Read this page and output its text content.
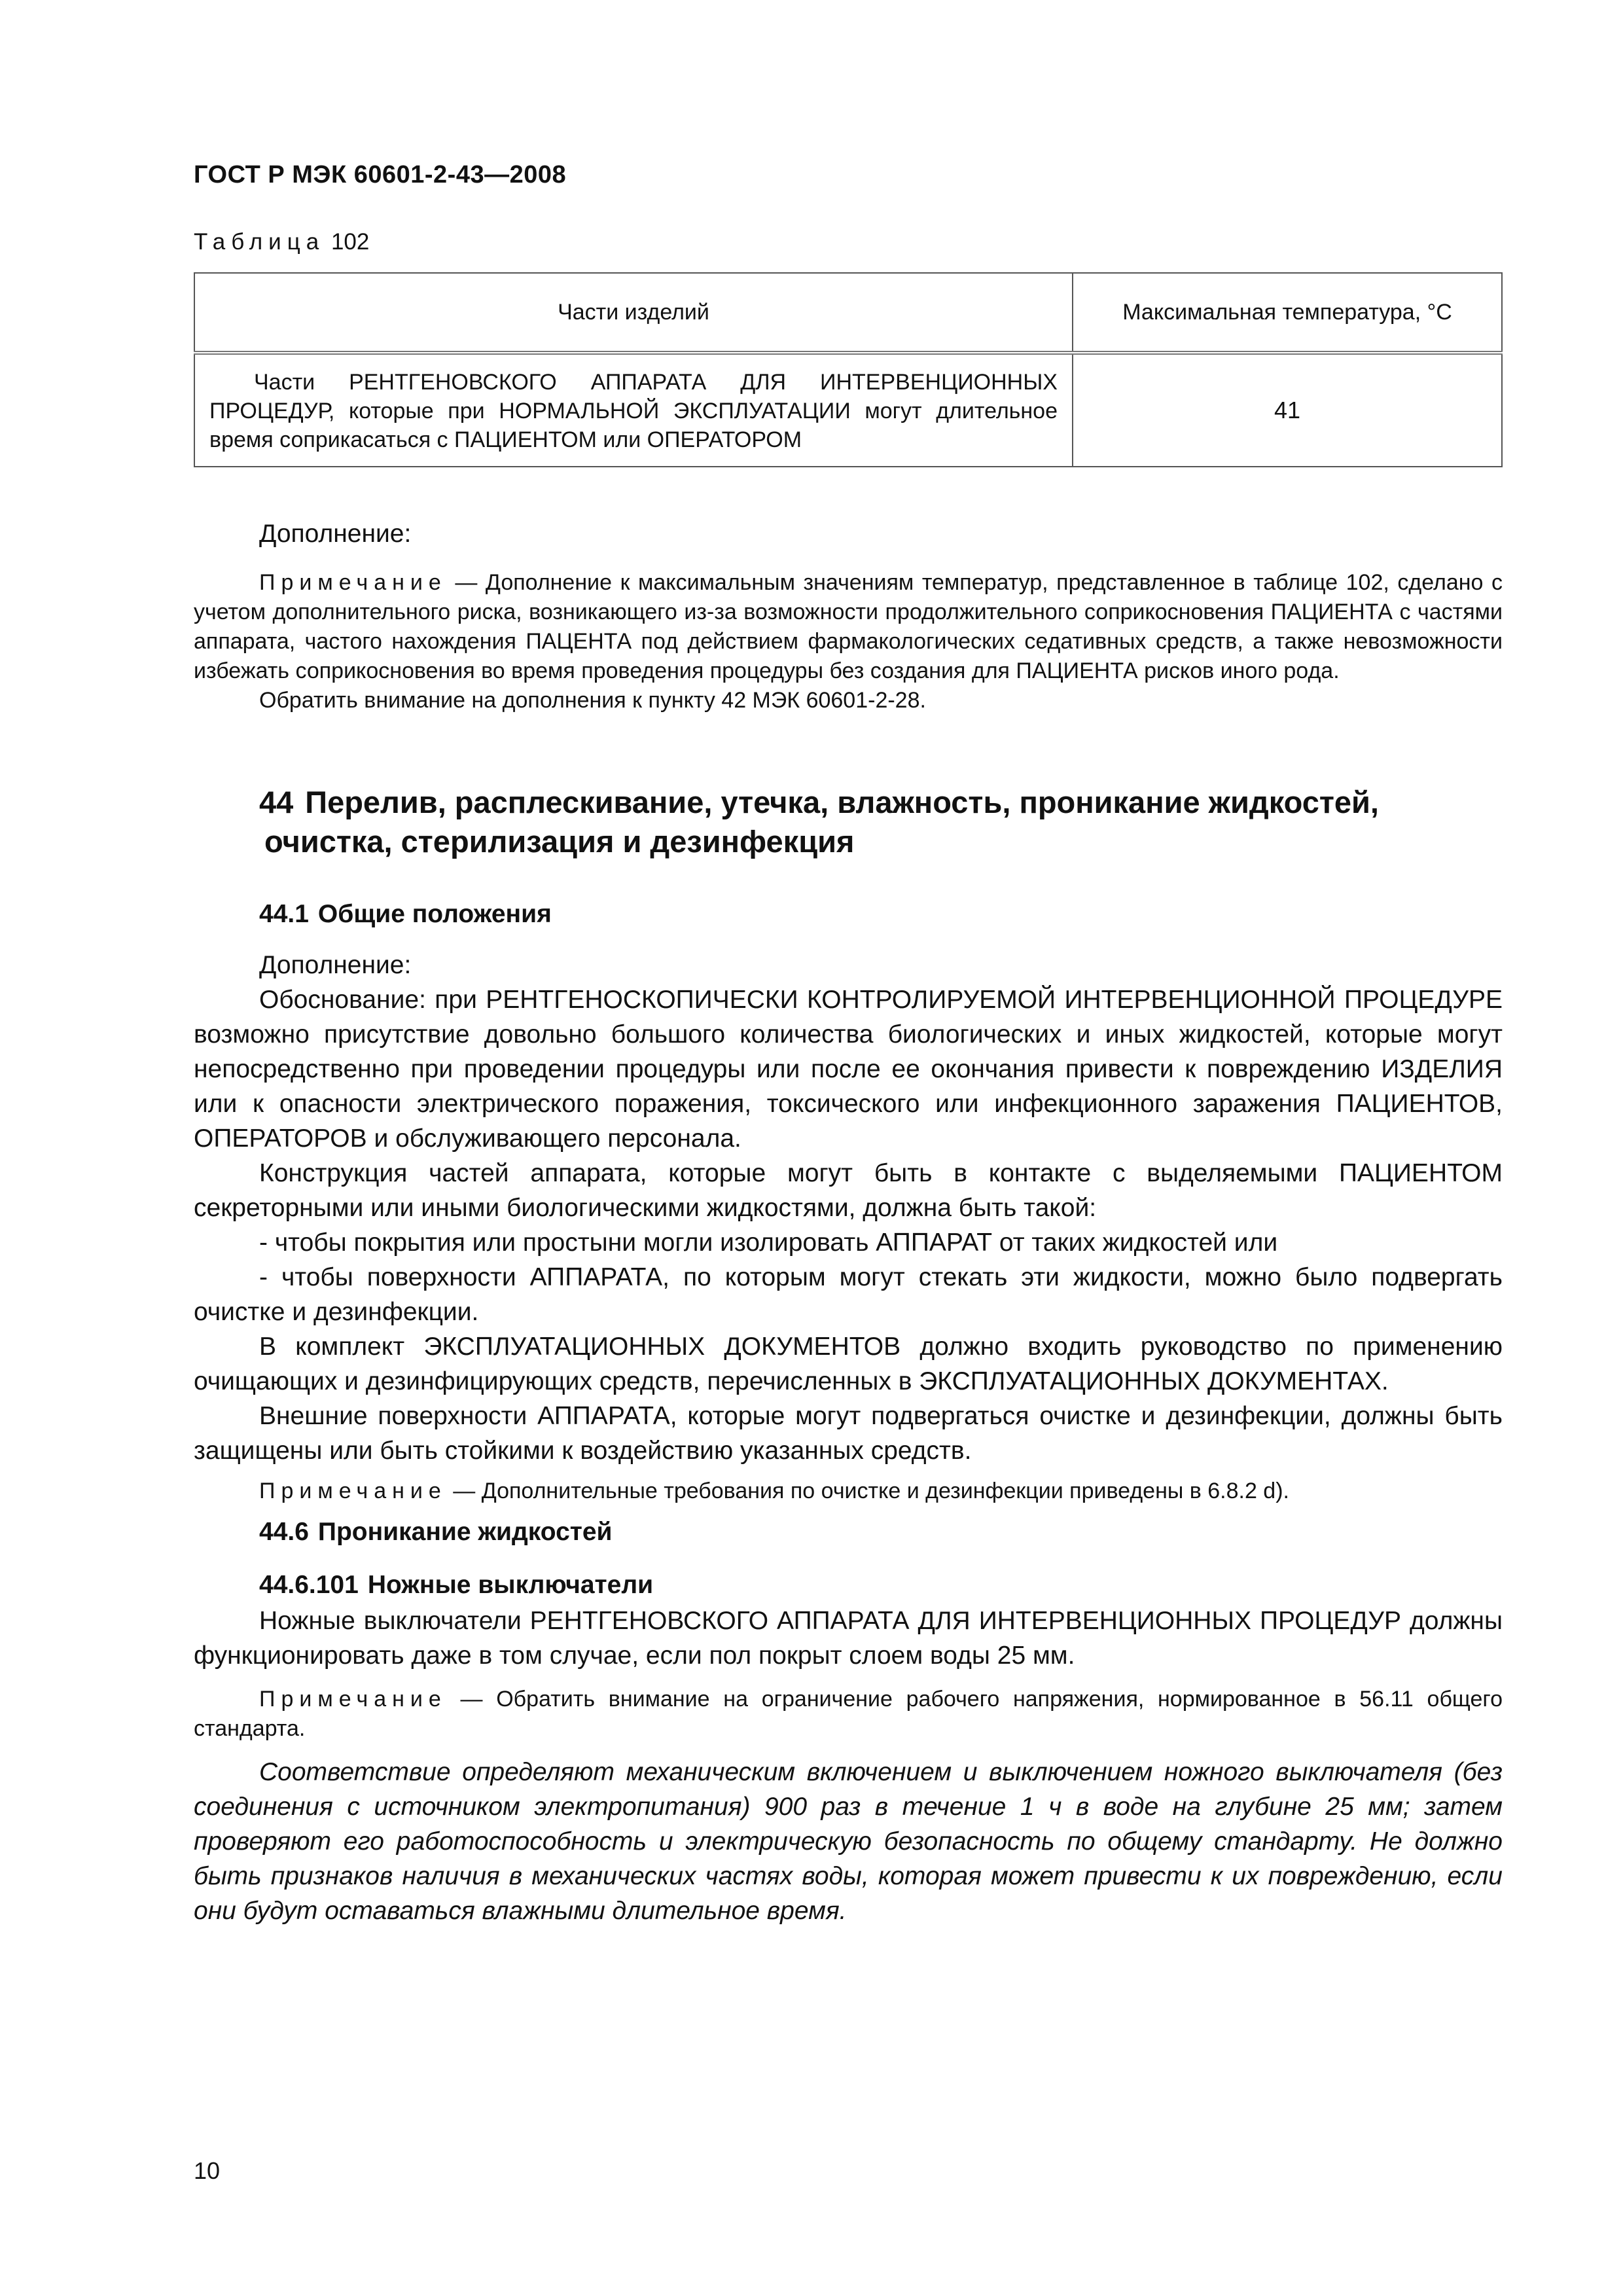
ГОСТ Р МЭК 60601-2-43—2008
Таблица 102
Части изделий	Максимальная температура, °С
Части РЕНТГЕНОВСКОГО АППАРАТА ДЛЯ ИНТЕРВЕНЦИОННЫХ ПРОЦЕДУР, которые при НОРМАЛЬНОЙ ЭКСПЛУАТАЦИИ могут длительное время соприкасаться с ПАЦИЕНТОМ или ОПЕРАТОРОМ	41
Дополнение:

Примечание — Дополнение к максимальным значениям температур, представленное в таблице 102, сделано с учетом дополнительного риска, возникающего из-за возможности продолжительного соприкосновения ПАЦИЕНТА с частями аппарата, частого нахождения ПАЦЕНТА под действием фармакологических седативных средств, а также невозможности избежать соприкосновения во время проведения процедуры без создания для ПАЦИЕНТА рисков иного рода.

Обратить внимание на дополнения к пункту 42 МЭК 60601-2-28.

44 Перелив, расплескивание, утечка, влажность, проникание жидкостей,
очистка, стерилизация и дезинфекция
44.1 Общие положения

Дополнение:

Обоснование: при РЕНТГЕНОСКОПИЧЕСКИ КОНТРОЛИРУЕМОЙ ИНТЕРВЕНЦИОННОЙ ПРОЦЕДУРЕ возможно присутствие довольно большого количества биологических и иных жидкостей, которые могут непосредственно при проведении процедуры или после ее окончания привести к повреждению ИЗДЕЛИЯ или к опасности электрического поражения, токсического или инфекционного заражения ПАЦИЕНТОВ, ОПЕРАТОРОВ и обслуживающего персонала.

Конструкция частей аппарата, которые могут быть в контакте с выделяемыми ПАЦИЕНТОМ секреторными или иными биологическими жидкостями, должна быть такой:

- чтобы покрытия или простыни могли изолировать АППАРАТ от таких жидкостей или

- чтобы поверхности АППАРАТА, по которым могут стекать эти жидкости, можно было подвергать очистке и дезинфекции.

В комплект ЭКСПЛУАТАЦИОННЫХ ДОКУМЕНТОВ должно входить руководство по применению очищающих и дезинфицирующих средств, перечисленных в ЭКСПЛУАТАЦИОННЫХ ДОКУМЕНТАХ.

Внешние поверхности АППАРАТА, которые могут подвергаться очистке и дезинфекции, должны быть защищены или быть стойкими к воздействию указанных средств.

Примечание — Дополнительные требования по очистке и дезинфекции приведены в 6.8.2 d).

44.6 Проникание жидкостей
44.6.101 Ножные выключатели
Ножные выключатели РЕНТГЕНОВСКОГО АППАРАТА ДЛЯ ИНТЕРВЕНЦИОННЫХ ПРОЦЕДУР должны функционировать даже в том случае, если пол покрыт слоем воды 25 мм.

Примечание — Обратить внимание на ограничение рабочего напряжения, нормированное в 56.11 общего стандарта.

Соответствие определяют механическим включением и выключением ножного выключателя (без соединения с источником электропитания) 900 раз в течение 1 ч в воде на глубине 25 мм; затем проверяют его работоспособность и электрическую безопасность по общему стандарту. Не должно быть признаков наличия в механических частях воды, которая может привести к их повреждению, если они будут оставаться влажными длительное время.
10
